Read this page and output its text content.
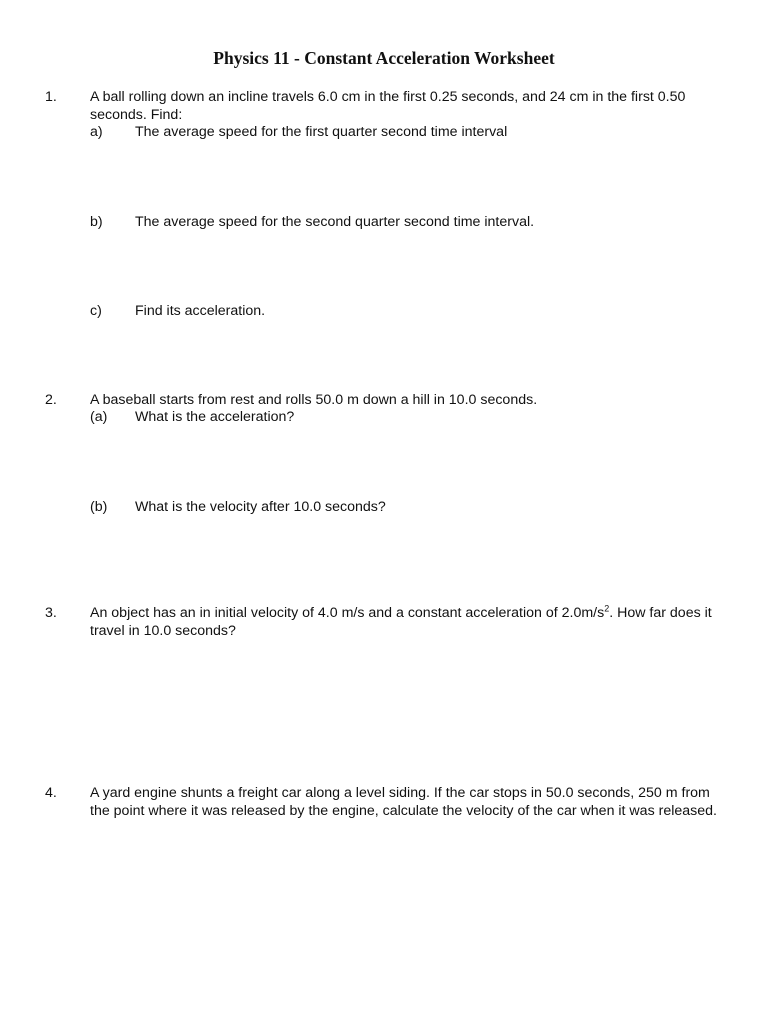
Physics 11 - Constant Acceleration Worksheet
1. A ball rolling down an incline travels 6.0 cm in the first 0.25 seconds, and 24 cm in the first 0.50 seconds. Find:
a) The average speed for the first quarter second time interval
b) The average speed for the second quarter second time interval.
c) Find its acceleration.
2. A baseball starts from rest and rolls 50.0 m down a hill in 10.0 seconds.
(a) What is the acceleration?
(b) What is the velocity after 10.0 seconds?
3. An object has an in initial velocity of 4.0 m/s and a constant acceleration of $2.0m/s^2$. How far does it travel in 10.0 seconds?
4. A yard engine shunts a freight car along a level siding. If the car stops in 50.0 seconds, 250 m from the point where it was released by the engine, calculate the velocity of the car when it was released.
